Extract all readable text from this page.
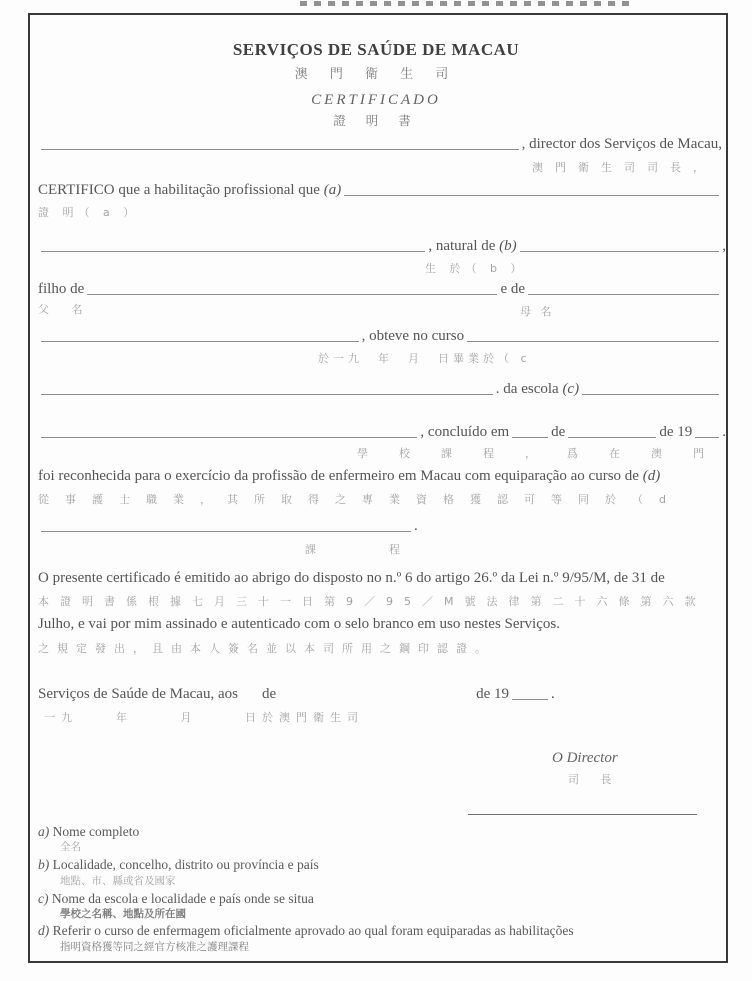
SERVIÇOS DE SAÚDE DE MACAU
澳 門 衛 生 司
CERTIFICADO
證 明 書
, director dos Serviços de Macau,
澳門衛生司司長，
CERTIFICO que a habilitação profissional que (a)
證 明（ a ）
, natural de (b)	,
生 於（ b ）
filho de	e de
父   名	母 名
, obteve no curso
於一九  年  月  日畢業於（ c
. da escola (c)
, concluído em	de	de 19 .
學校課程，爲在澳門
foi reconhecida para o exercício da profissão de enfermeiro em Macau com equiparação ao curso de (d)
從事護士職業，其所取得之專業資格獲認可等同於（d
.
課  程
O presente certificado é emitido ao abrigo do disposto no n.º 6 do artigo 26.º da Lei n.º 9/95/M, de 31 de
本證明書係根據七月三十一日第9／95／M號法律第二十六條第六款
Julho, e vai por mim assinado e autenticado com o selo branco em uso nestes Serviços.
之規定發出，且由本人簽名並以本司所用之鋼印認證。
Serviços de Saúde de Macau, aos de	de 19	.
一九    年     月     日於澳門衛生司
O Director
司 長
a) Nome completo
全名
b) Localidade, concelho, distrito ou província e país
地點、市、縣或省及國家
c) Nome da escola e localidade e país onde se situa
學校之名稱、地點及所在國
d) Referir o curso de enfermagem oficialmente aprovado ao qual foram equiparadas as habilitações
指明資格獲等同之經官方核准之護理課程
